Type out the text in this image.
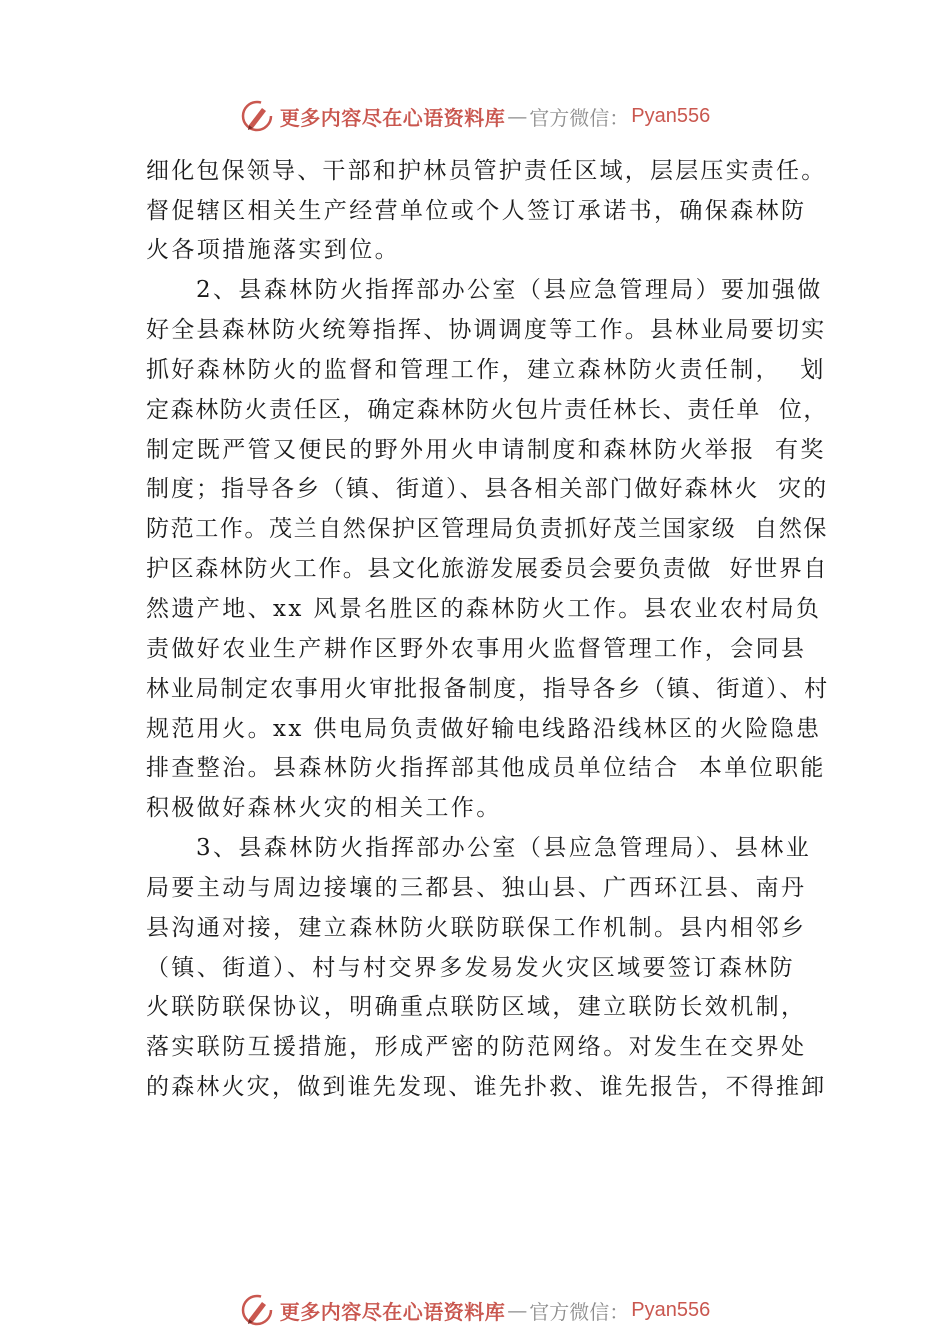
更多内容尽在心语资料库 — 官方微信： Pyan556
细化包保领导、干部和护林员管护责任区域，层层压实责任。
督促辖区相关生产经营单位或个人签订承诺书，确保森林防
火各项措施落实到位。
2、县森林防火指挥部办公室（县应急管理局）要加强做
好全县森林防火统筹指挥、协调调度等工作。县林业局要切实
抓好森林防火的监督和管理工作，建立森林防火责任制，  划
定森林防火责任区，确定森林防火包片责任林长、责任单  位，
制定既严管又便民的野外用火申请制度和森林防火举报  有奖
制度；指导各乡（镇、街道）、县各相关部门做好森林火  灾的
防范工作。茂兰自然保护区管理局负责抓好茂兰国家级  自然保
护区森林防火工作。县文化旅游发展委员会要负责做  好世界自
然遗产地、xx 风景名胜区的森林防火工作。县农业农村局负
责做好农业生产耕作区野外农事用火监督管理工作，会同县
林业局制定农事用火审批报备制度，指导各乡（镇、街道）、村
规范用火。xx 供电局负责做好输电线路沿线林区的火险隐患
排查整治。县森林防火指挥部其他成员单位结合  本单位职能
积极做好森林火灾的相关工作。
3、县森林防火指挥部办公室（县应急管理局）、县林业
局要主动与周边接壤的三都县、独山县、广西环江县、南丹
县沟通对接，建立森林防火联防联保工作机制。县内相邻乡
（镇、街道）、村与村交界多发易发火灾区域要签订森林防
火联防联保协议，明确重点联防区域，建立联防长效机制，
落实联防互援措施，形成严密的防范网络。对发生在交界处
的森林火灾，做到谁先发现、谁先扑救、谁先报告，不得推卸
更多内容尽在心语资料库 — 官方微信： Pyan556
